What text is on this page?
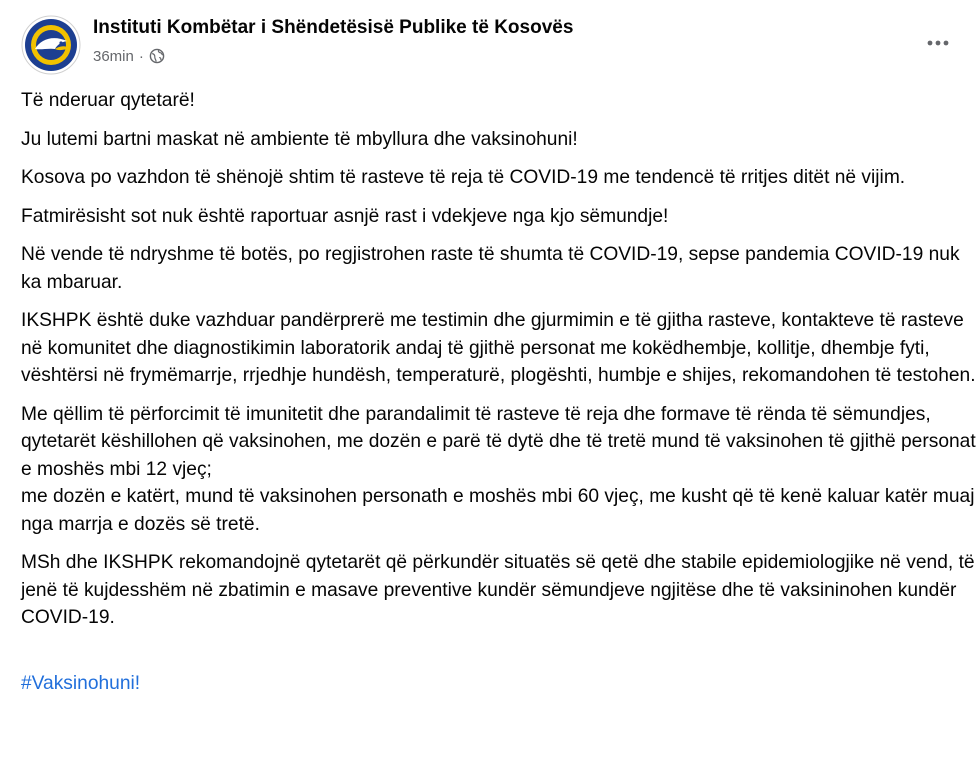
Instituti Kombëtar i Shëndetësisë Publike të Kosovës
36min ·

Të nderuar qytetarë!

Ju lutemi bartni maskat në ambiente të mbyllura dhe vaksinohuni!

Kosova po vazhdon të shënojë shtim të rasteve të reja të COVID-19 me tendencë të rritjes ditët në vijim.

Fatmirësisht sot nuk është raportuar asnjë rast i vdekjeve nga kjo sëmundje!

Në vende të ndryshme të botës, po regjistrohen raste të shumta të COVID-19, sepse pandemia COVID-19 nuk ka mbaruar.

IKSHPK është duke vazhduar pandërprerë me testimin dhe gjurmimin e të gjitha rasteve, kontakteve të rasteve në komunitet dhe diagnostikimin laboratorik andaj të gjithë personat me kokëdhembje, kollitje, dhembje fyti, vështërsi në frymëmarrje, rrjedhje hundësh, temperaturë, plogështi, humbje e shijes, rekomandohen të testohen.

Me qëllim të përforcimit të imunitetit dhe parandalimit të rasteve të reja dhe formave të rënda të sëmundjes, qytetarët këshillohen që vaksinohen, me dozën e parë të dytë dhe të tretë mund të vaksinohen të gjithë personat e moshës mbi 12 vjeç;
me dozën e katërt, mund të vaksinohen personath e moshës mbi 60 vjeç, me kusht që të kenë kaluar katër muaj nga marrja e dozës së tretë.

MSh dhe IKSHPK rekomandojnë qytetarët që përkundër situatës së qetë dhe stabile epidemiologjike në vend, të jenë të kujdesshëm në zbatimin e masave preventive kundër sëmundjeve ngjitëse dhe të vaksininohen kundër COVID-19.

#Vaksinohuni!
